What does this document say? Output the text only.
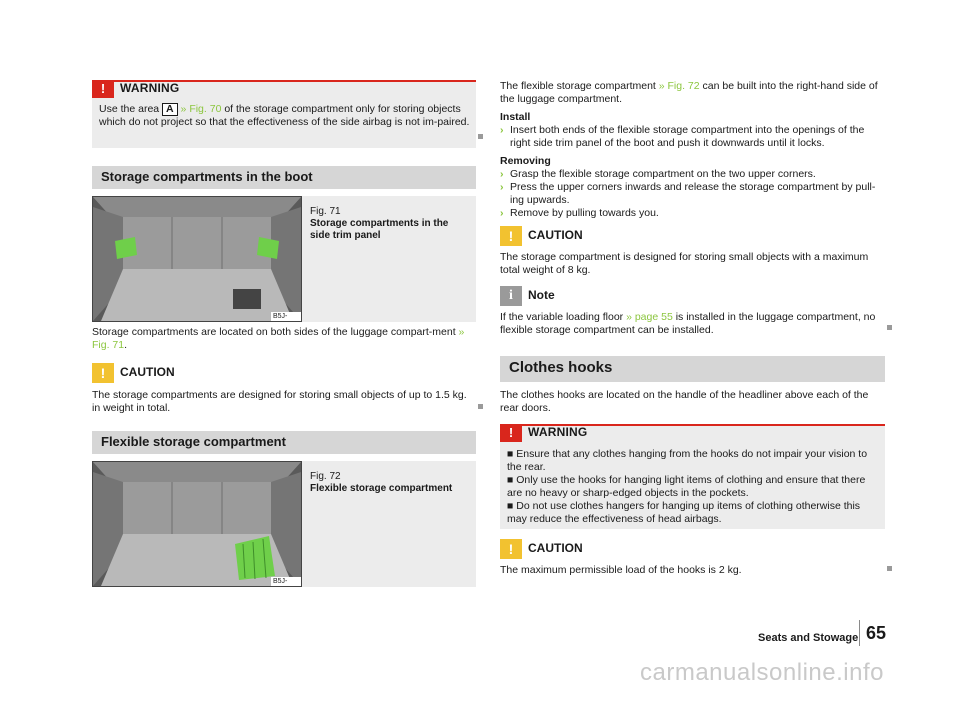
!	WARNING
Use the area A » Fig. 70 of the storage compartment only for storing objects which do not project so that the effectiveness of the side airbag is not im-paired.
Storage compartments in the boot
B5J-
Fig. 71
Storage compartments in the side trim panel
Storage compartments are located on both sides of the luggage compart-ment » Fig. 71.
!	CAUTION
The storage compartments are designed for storing small objects of up to 1.5 kg. in weight in total.
Flexible storage compartment
B5J-
Fig. 72
Flexible storage compartment
The flexible storage compartment » Fig. 72 can be built into the right-hand side of the luggage compartment.
Install
› Insert both ends of the flexible storage compartment into the openings of the right side trim panel of the boot and push it downwards until it locks.
Removing
› Grasp the flexible storage compartment on the two upper corners.
› Press the upper corners inwards and release the storage compartment by pull-ing upwards.
› Remove by pulling towards you.
!	CAUTION
The storage compartment is designed for storing small objects with a maximum total weight of 8 kg.
i	Note
If the variable loading floor » page 55 is installed in the luggage compartment, no flexible storage compartment can be installed.
Clothes hooks
The clothes hooks are located on the handle of the headliner above each of the rear doors.
!	WARNING
■ Ensure that any clothes hanging from the hooks do not impair your vision to the rear.
■ Only use the hooks for hanging light items of clothing and ensure that there are no heavy or sharp-edged objects in the pockets.
■ Do not use clothes hangers for hanging up items of clothing otherwise this may reduce the effectiveness of head airbags.
!	CAUTION
The maximum permissible load of the hooks is 2 kg.
Seats and Stowage 65
carmanualsonline.info
